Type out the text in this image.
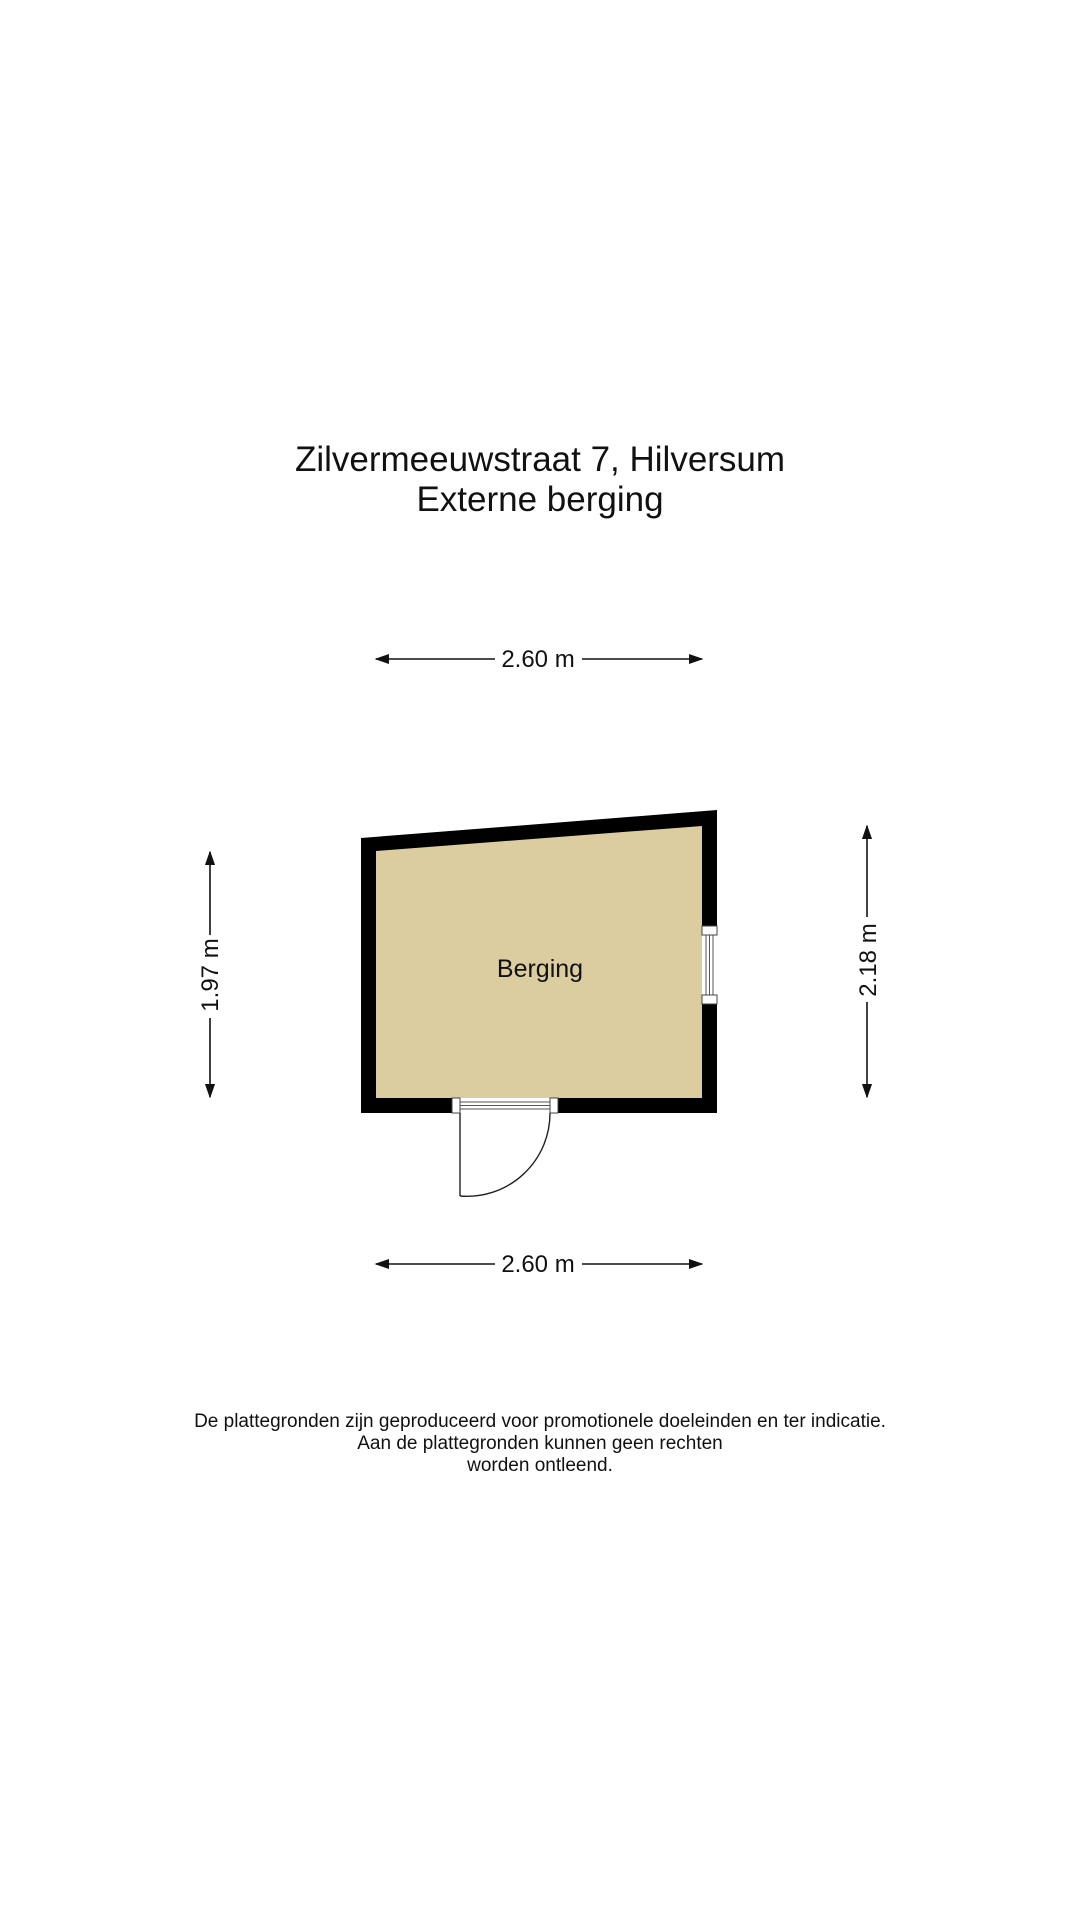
Zilvermeeuwstraat 7, Hilversum
Externe berging
2.60 m
1.97 m	2.18 m
Berging
2.60 m
De plattegronden zijn geproduceerd voor promotionele doeleinden en ter indicatie.
Aan de plattegronden kunnen geen rechten
worden ontleend.
